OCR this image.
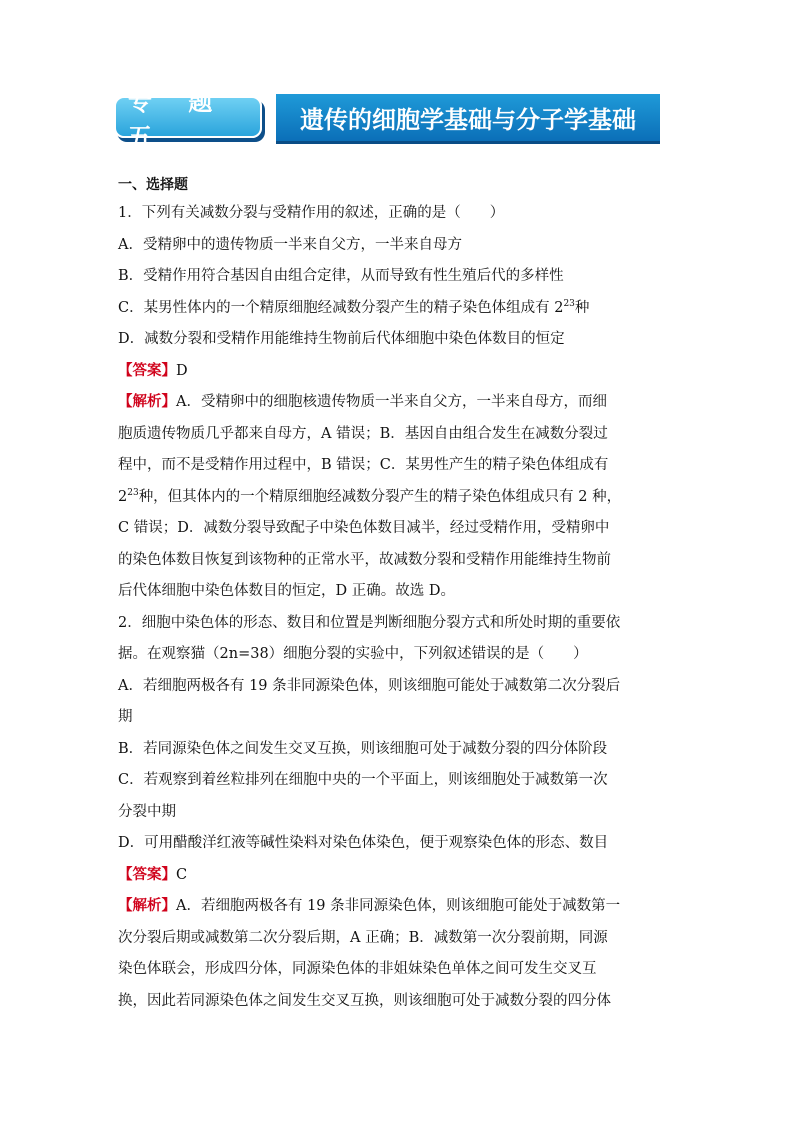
专 题 五
遗传的细胞学基础与分子学基础
一、选择题
1．下列有关减数分裂与受精作用的叙述，正确的是（　　）
A．受精卵中的遗传物质一半来自父方，一半来自母方
B．受精作用符合基因自由组合定律，从而导致有性生殖后代的多样性
C．某男性体内的一个精原细胞经减数分裂产生的精子染色体组成有 $2^{23}$种
D．减数分裂和受精作用能维持生物前后代体细胞中染色体数目的恒定
【答案】D
【解析】A．受精卵中的细胞核遗传物质一半来自父方，一半来自母方，而细
胞质遗传物质几乎都来自母方，A 错误；B．基因自由组合发生在减数分裂过
程中，而不是受精作用过程中，B 错误；C．某男性产生的精子染色体组成有
$2^{23}$种，但其体内的一个精原细胞经减数分裂产生的精子染色体组成只有 2 种，
C 错误；D．减数分裂导致配子中染色体数目减半，经过受精作用，受精卵中
的染色体数目恢复到该物种的正常水平，故减数分裂和受精作用能维持生物前
后代体细胞中染色体数目的恒定，D 正确。故选 D。
2．细胞中染色体的形态、数目和位置是判断细胞分裂方式和所处时期的重要依
据。在观察猫（2n=38）细胞分裂的实验中，下列叙述错误的是（　　）
A．若细胞两极各有 19 条非同源染色体，则该细胞可能处于减数第二次分裂后
期
B．若同源染色体之间发生交叉互换，则该细胞可处于减数分裂的四分体阶段
C．若观察到着丝粒排列在细胞中央的一个平面上，则该细胞处于减数第一次
分裂中期
D．可用醋酸洋红液等碱性染料对染色体染色，便于观察染色体的形态、数目
【答案】C
【解析】A．若细胞两极各有 19 条非同源染色体，则该细胞可能处于减数第一
次分裂后期或减数第二次分裂后期，A 正确；B．减数第一次分裂前期，同源
染色体联会，形成四分体，同源染色体的非姐妹染色单体之间可发生交叉互
换，因此若同源染色体之间发生交叉互换，则该细胞可处于减数分裂的四分体
